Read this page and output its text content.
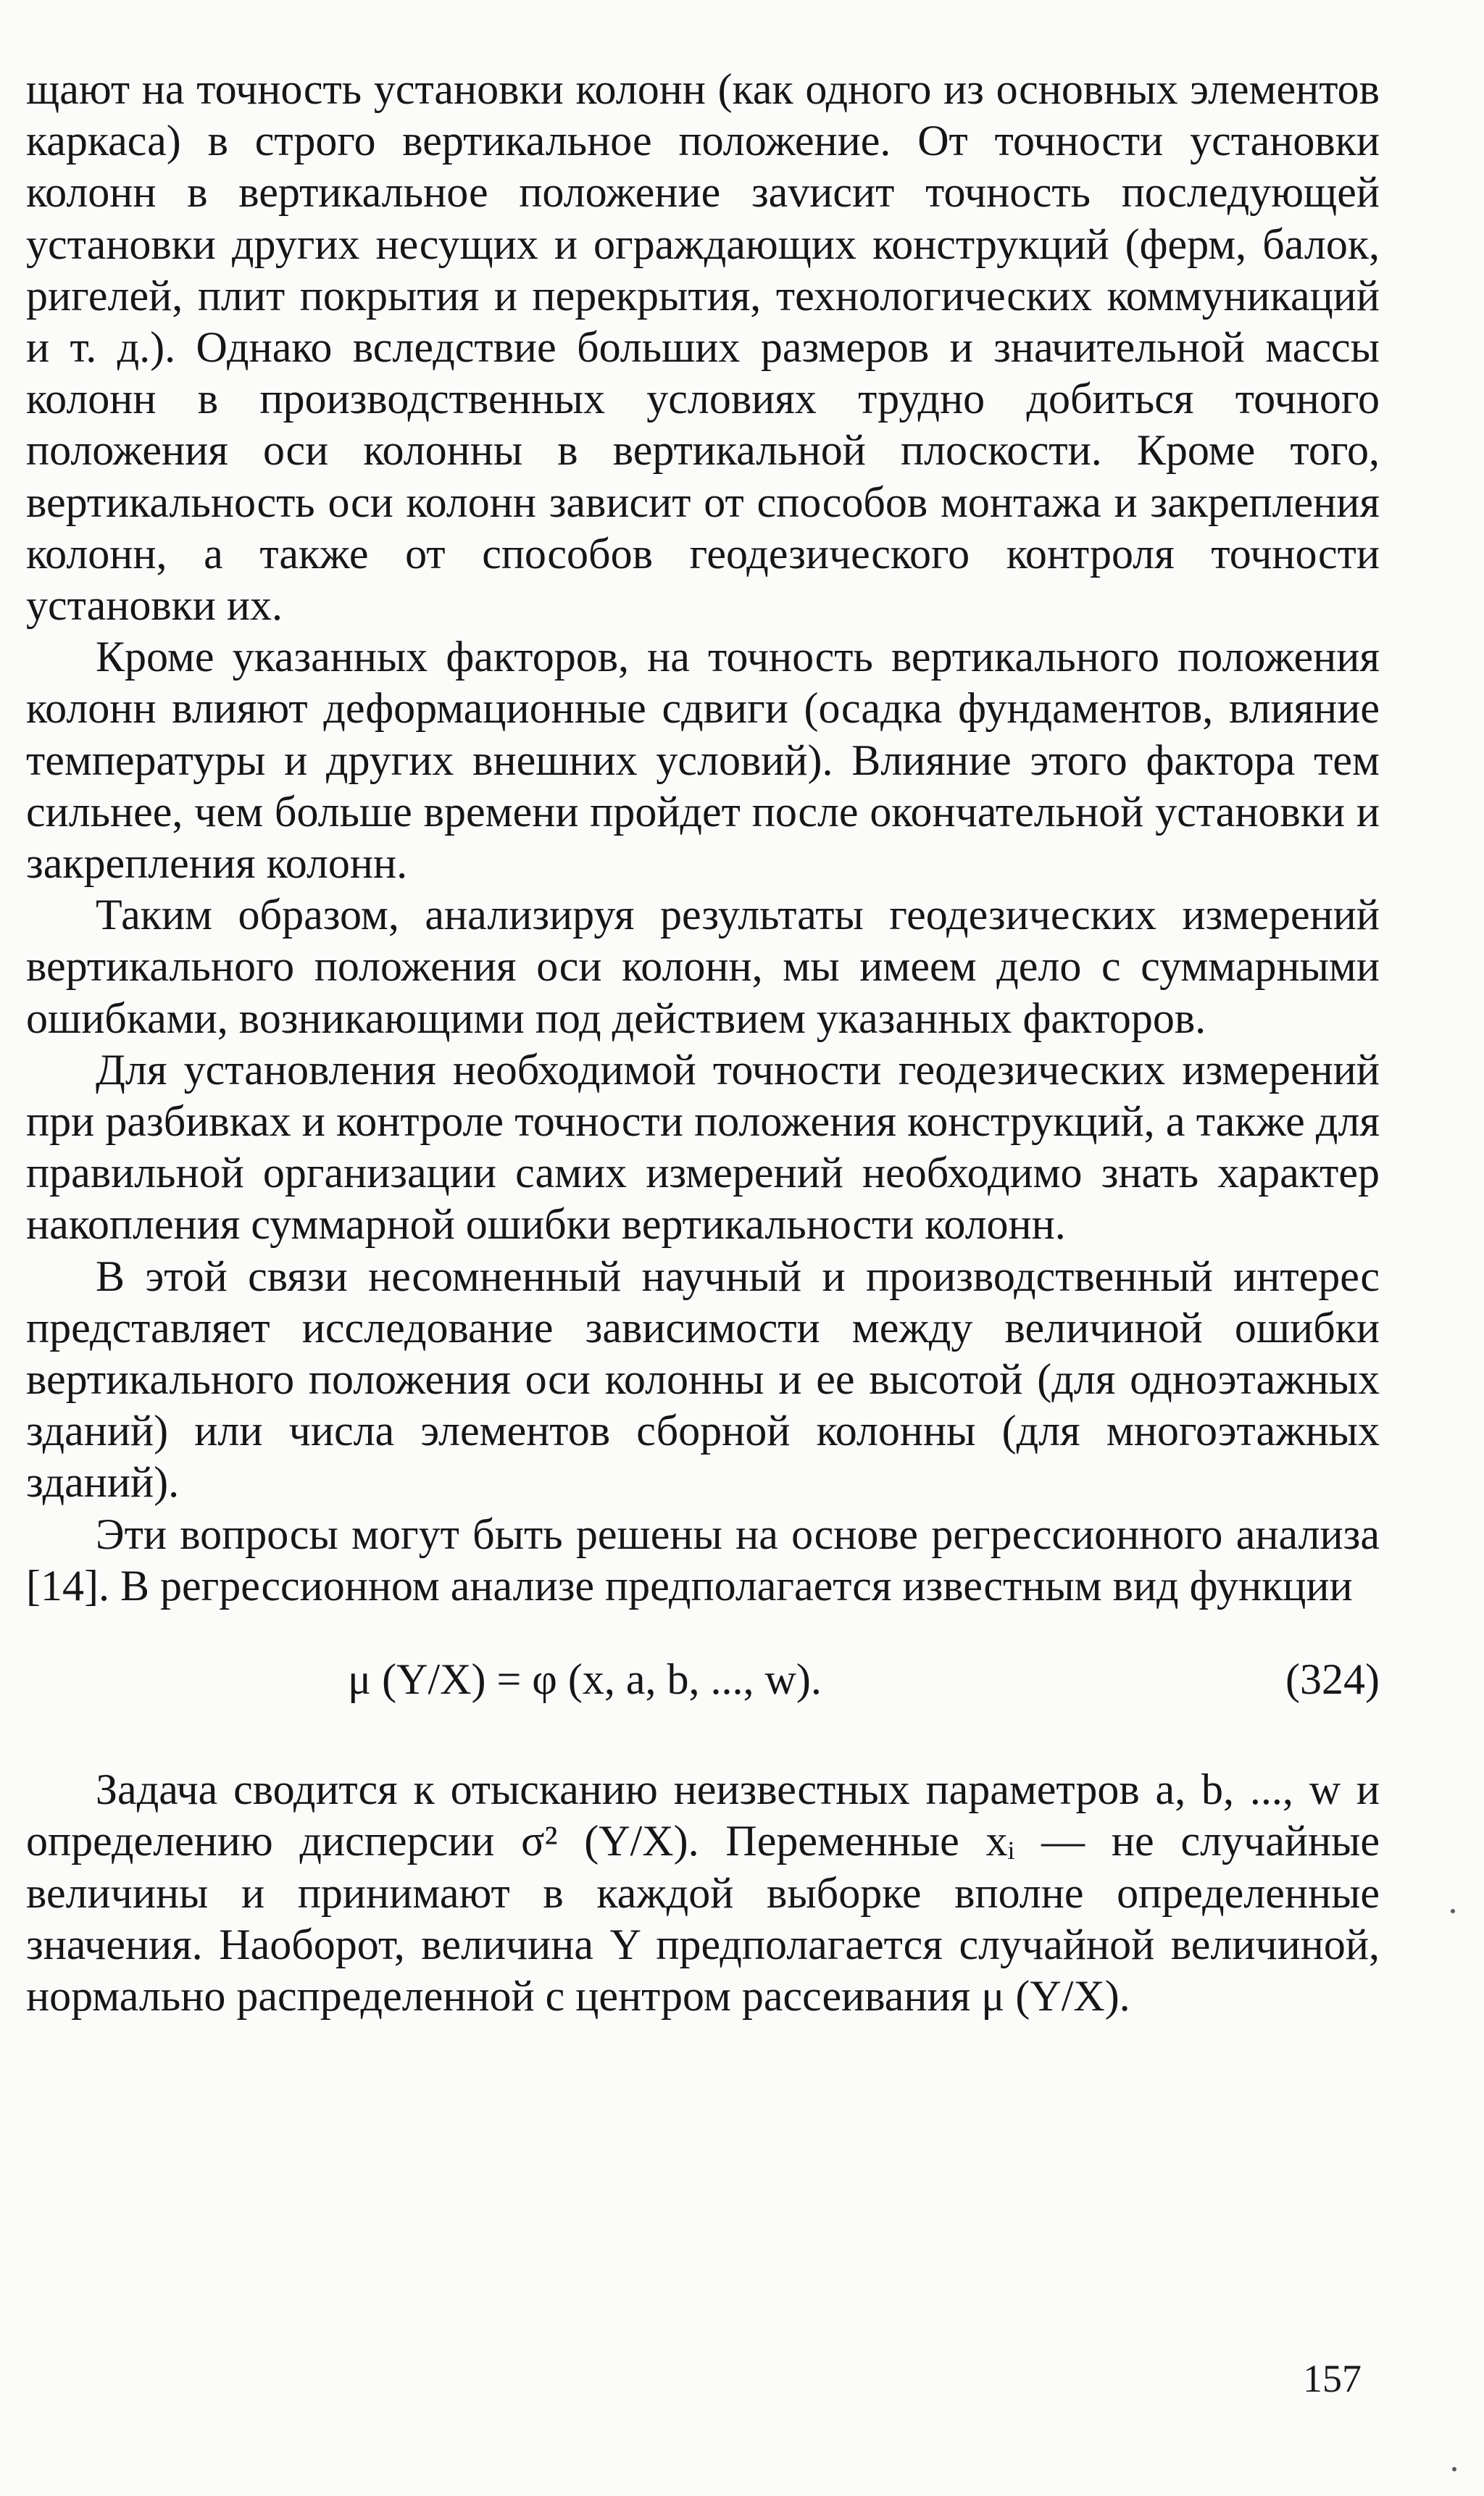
щают на точность установки колонн (как одного из основных элементов каркаса) в строго вертикальное положение. От точности установки колонн в вертикальное положение заvисит точность последующей установки других несущих и ограждающих конструкций (ферм, балок, ригелей, плит покрытия и перекрытия, технологических коммуникаций и т. д.). Однако вследствие больших размеров и значительной массы колонн в производственных условиях трудно добиться точного положения оси колонны в вертикальной плоскости. Кроме того, вертикальность оси колонн зависит от способов монтажа и закрепления колонн, а также от способов геодезического контроля точности установки их.

Кроме указанных факторов, на точность вертикального положения колонн влияют деформационные сдвиги (осадка фундаментов, влияние температуры и других внешних условий). Влияние этого фактора тем сильнее, чем больше времени пройдет после окончательной установки и закрепления колонн.

Таким образом, анализируя результаты геодезических измерений вертикального положения оси колонн, мы имеем дело с суммарными ошибками, возникающими под действием указанных факторов.

Для установления необходимой точности геодезических измерений при разбивках и контроле точности положения конструкций, а также для правильной организации самих измерений необходимо знать характер накопления суммарной ошибки вертикальности колонн.

В этой связи несомненный научный и производственный интерес представляет исследование зависимости между величиной ошибки вертикального положения оси колонны и ее высотой (для одноэтажных зданий) или числа элементов сборной колонны (для многоэтажных зданий).

Эти вопросы могут быть решены на основе регрессионного анализа [14]. В регрессионном анализе предполагается известным вид функции

μ (Y/X) = φ (x, a, b, ..., w).	(324)

Задача сводится к отысканию неизвестных параметров a, b, ..., w и определению дисперсии σ² (Y/X). Переменные xᵢ — не случайные величины и принимают в каждой выборке вполне определенные значения. Наоборот, величина Y предполагается случайной величиной, нормально распределенной с центром рассеивания μ (Y/X).

157
